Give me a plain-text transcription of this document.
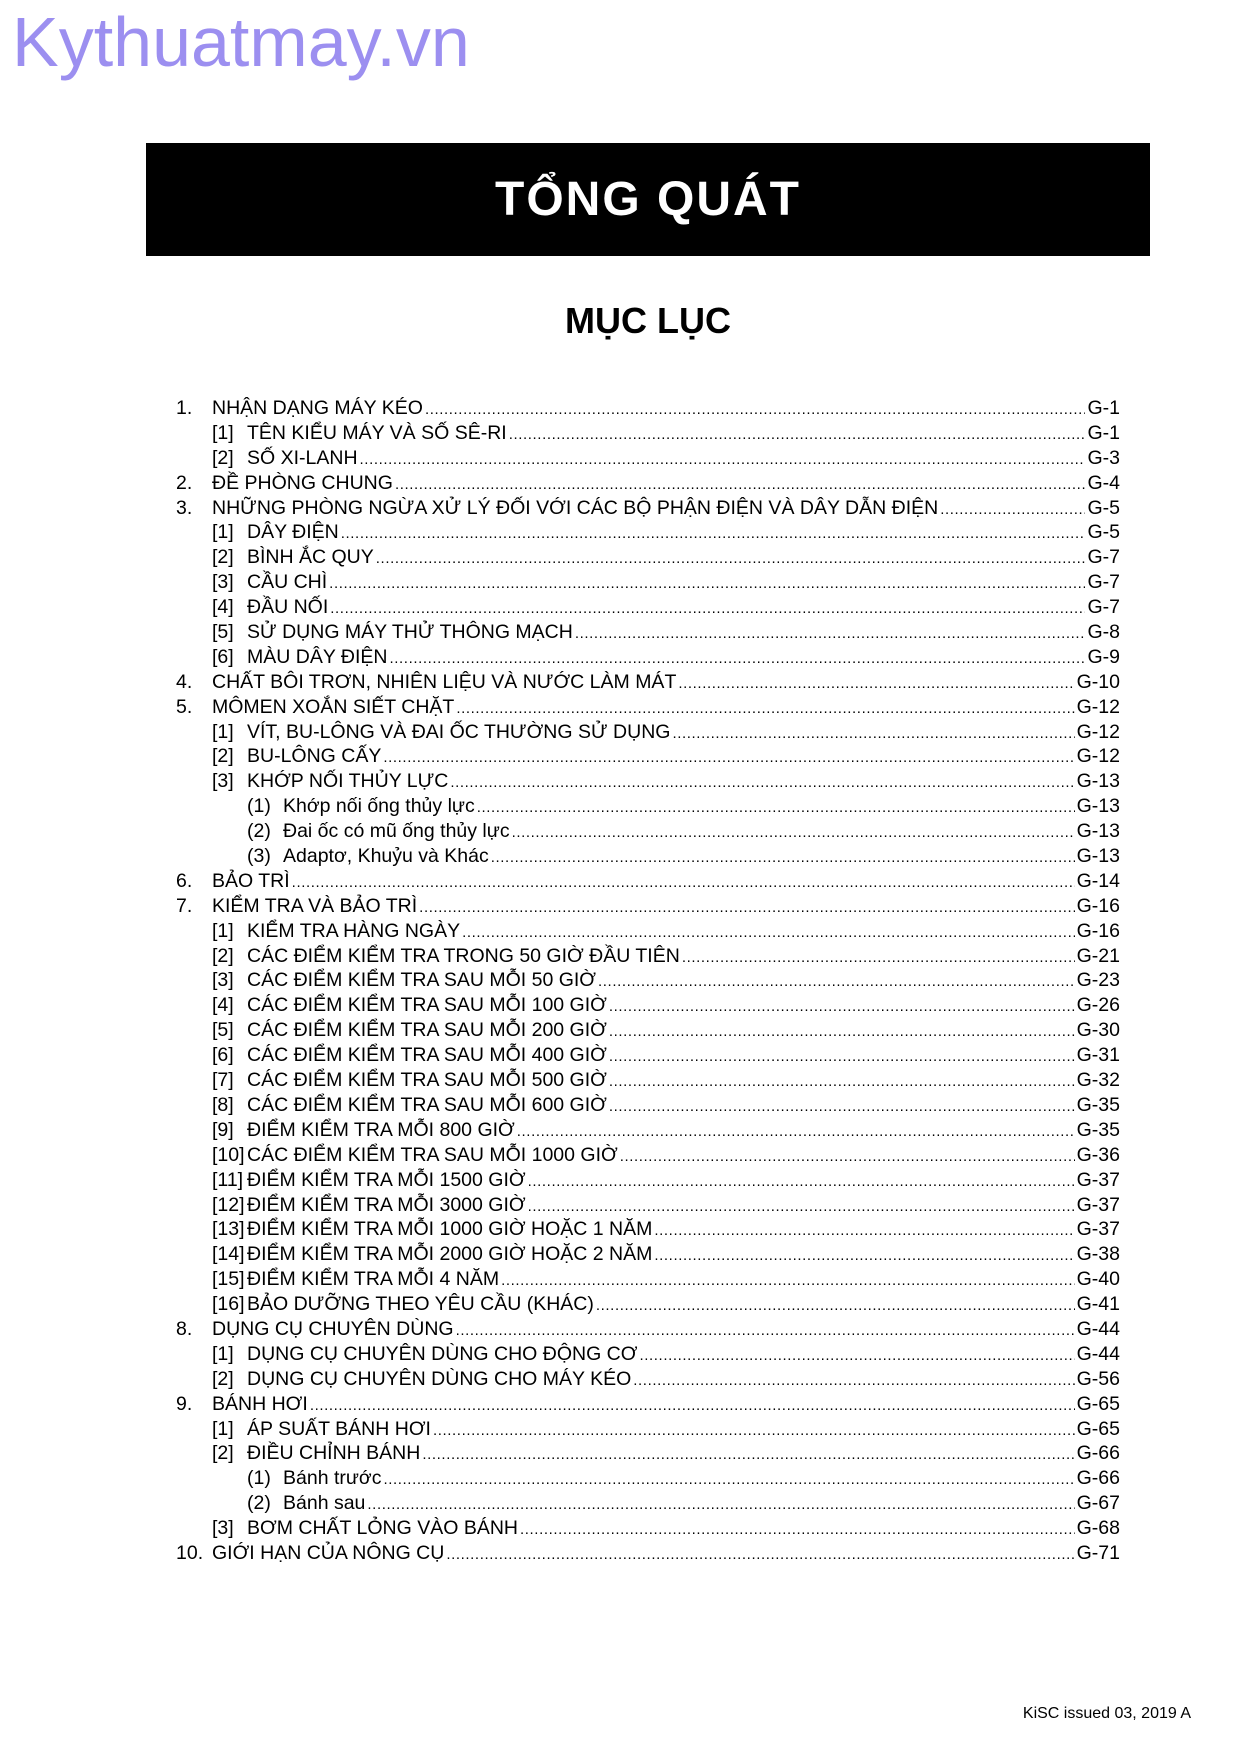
Kythuatmay.vn
TỔNG QUÁT
MỤC LỤC
1.	NHẬN DẠNG MÁY KÉO .....	G-1
[1] TÊN KIỂU MÁY VÀ SỐ SÊ-RI .....	G-1
[2] SỐ XI-LANH .....	G-3
2.	ĐỀ PHÒNG CHUNG .....	G-4
3.	NHỮNG PHÒNG NGỪA XỬ LÝ ĐỐI VỚI CÁC BỘ PHẬN ĐIỆN VÀ DÂY DẪN ĐIỆN .....	G-5
[1] DÂY ĐIỆN .....	G-5
[2] BÌNH ẮC QUY .....	G-7
[3] CẦU CHÌ .....	G-7
[4] ĐẦU NỐI .....	G-7
[5] SỬ DỤNG MÁY THỬ THÔNG MẠCH .....	G-8
[6] MÀU DÂY ĐIỆN .....	G-9
4.	CHẤT BÔI TRƠN, NHIÊN LIỆU VÀ NƯỚC LÀM MÁT .....	G-10
5.	MÔMEN XOẮN SIẾT CHẶT .....	G-12
[1] VÍT, BU-LÔNG VÀ ĐAI ỐC THƯỜNG SỬ DỤNG .....	G-12
[2] BU-LÔNG CẤY .....	G-12
[3] KHỚP NỐI THỦY LỰC .....	G-13
(1) Khớp nối ống thủy lực .....	G-13
(2) Đai ốc có mũ ống thủy lực .....	G-13
(3) Adaptơ, Khuỷu và Khác .....	G-13
6.	BẢO TRÌ .....	G-14
7.	KIỂM TRA VÀ BẢO TRÌ .....	G-16
[1] KIỂM TRA HÀNG NGÀY .....	G-16
[2] CÁC ĐIỂM KIỂM TRA TRONG 50 GIỜ ĐẦU TIÊN .....	G-21
[3] CÁC ĐIỂM KIỂM TRA SAU MỖI 50 GIỜ .....	G-23
[4] CÁC ĐIỂM KIỂM TRA SAU MỖI 100 GIỜ .....	G-26
[5] CÁC ĐIỂM KIỂM TRA SAU MỖI 200 GIỜ .....	G-30
[6] CÁC ĐIỂM KIỂM TRA SAU MỖI 400 GIỜ .....	G-31
[7] CÁC ĐIỂM KIỂM TRA SAU MỖI 500 GIỜ .....	G-32
[8] CÁC ĐIỂM KIỂM TRA SAU MỖI 600 GIỜ .....	G-35
[9] ĐIỂM KIỂM TRA MỖI 800 GIỜ .....	G-35
[10] CÁC ĐIỂM KIỂM TRA SAU MỖI 1000 GIỜ .....	G-36
[11] ĐIỂM KIỂM TRA MỖI 1500 GIỜ .....	G-37
[12] ĐIỂM KIỂM TRA MỖI 3000 GIỜ .....	G-37
[13] ĐIỂM KIỂM TRA MỖI 1000 GIỜ HOẶC 1 NĂM .....	G-37
[14] ĐIỂM KIỂM TRA MỖI 2000 GIỜ HOẶC 2 NĂM .....	G-38
[15] ĐIỂM KIỂM TRA MỖI 4 NĂM .....	G-40
[16] BẢO DƯỠNG THEO YÊU CẦU (KHÁC) .....	G-41
8.	DỤNG CỤ CHUYÊN DÙNG .....	G-44
[1] DỤNG CỤ CHUYÊN DÙNG CHO ĐỘNG CƠ .....	G-44
[2] DỤNG CỤ CHUYÊN DÙNG CHO MÁY KÉO .....	G-56
9.	BÁNH HƠI .....	G-65
[1] ÁP SUẤT BÁNH HƠI .....	G-65
[2] ĐIỀU CHỈNH BÁNH .....	G-66
(1) Bánh trước .....	G-66
(2) Bánh sau .....	G-67
[3] BƠM CHẤT LỎNG VÀO BÁNH .....	G-68
10. GIỚI HẠN CỦA NÔNG CỤ .....	G-71
KiSC issued 03, 2019 A
